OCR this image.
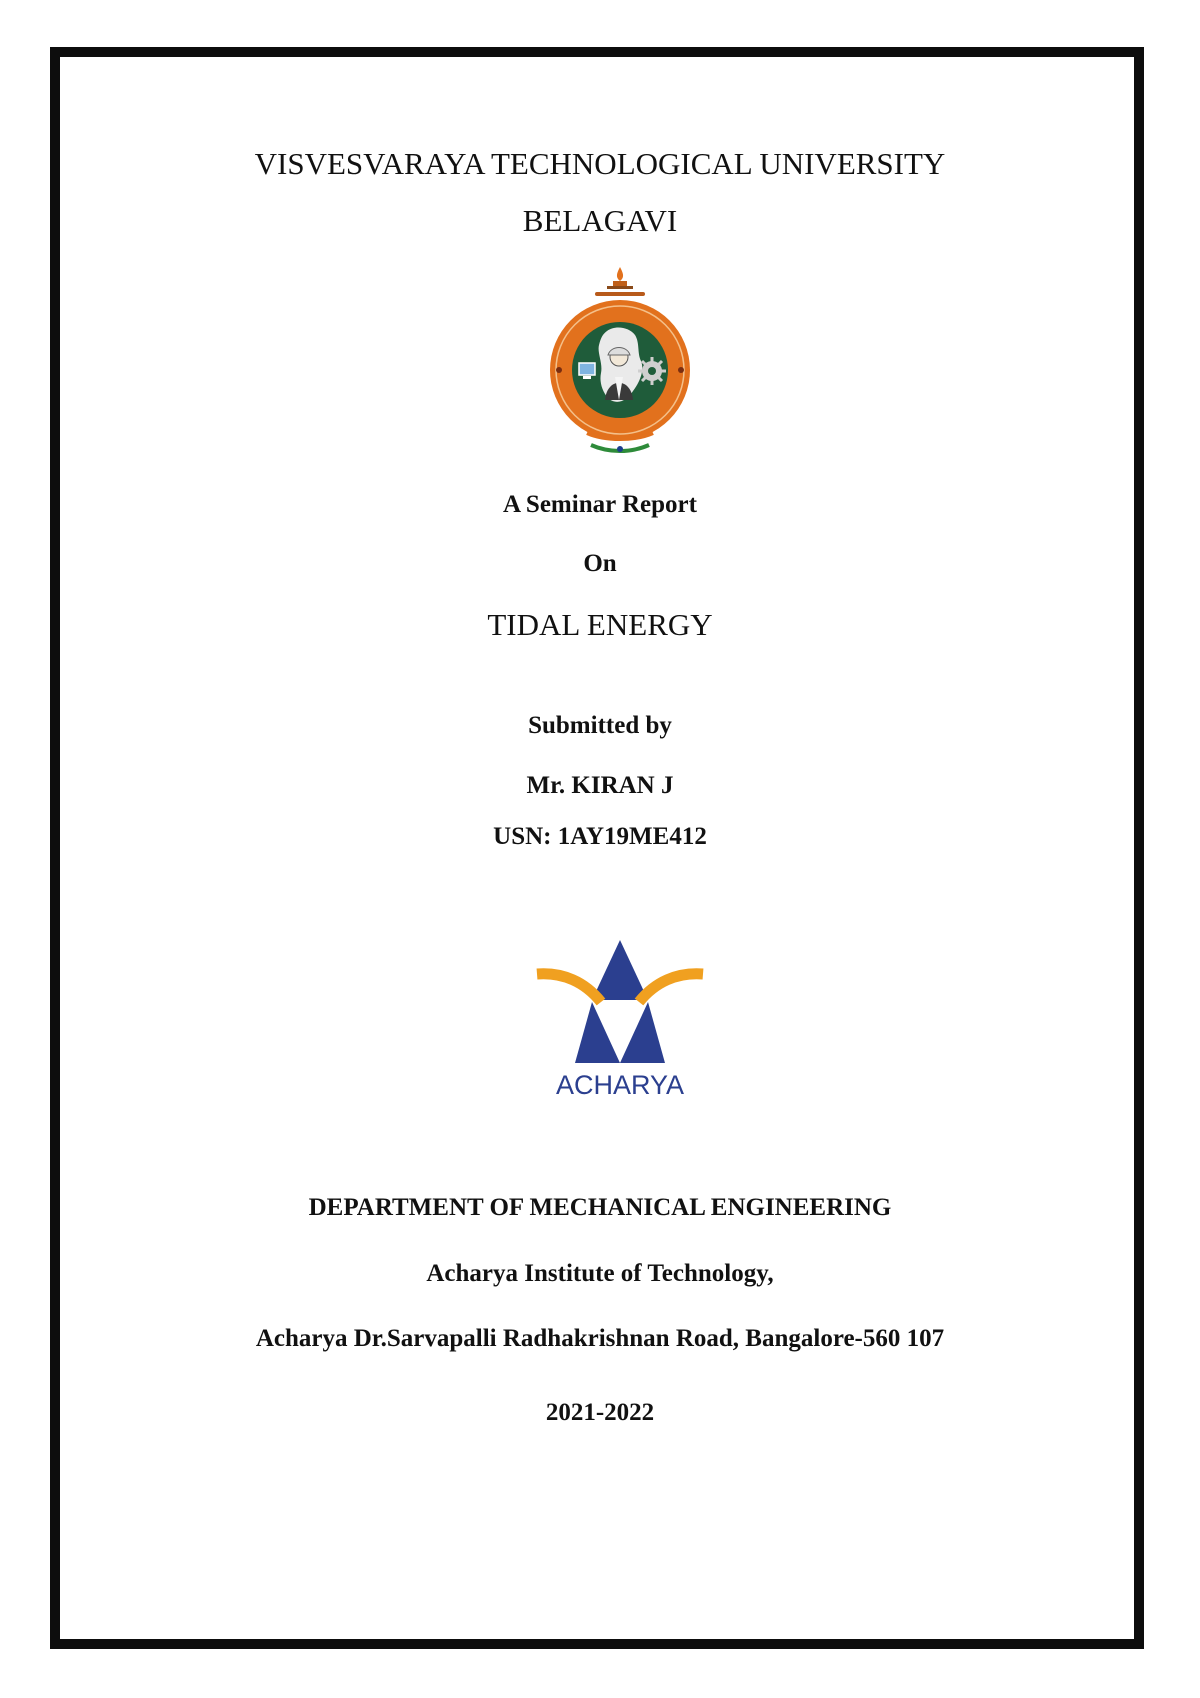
VISVESVARAYA TECHNOLOGICAL UNIVERSITY
BELAGAVI
A Seminar Report
On
TIDAL ENERGY
Submitted by
Mr. KIRAN J
USN: 1AY19ME412
ACHARYA
DEPARTMENT OF MECHANICAL ENGINEERING
Acharya Institute of Technology,
Acharya Dr.Sarvapalli Radhakrishnan Road, Bangalore-560 107
2021-2022
